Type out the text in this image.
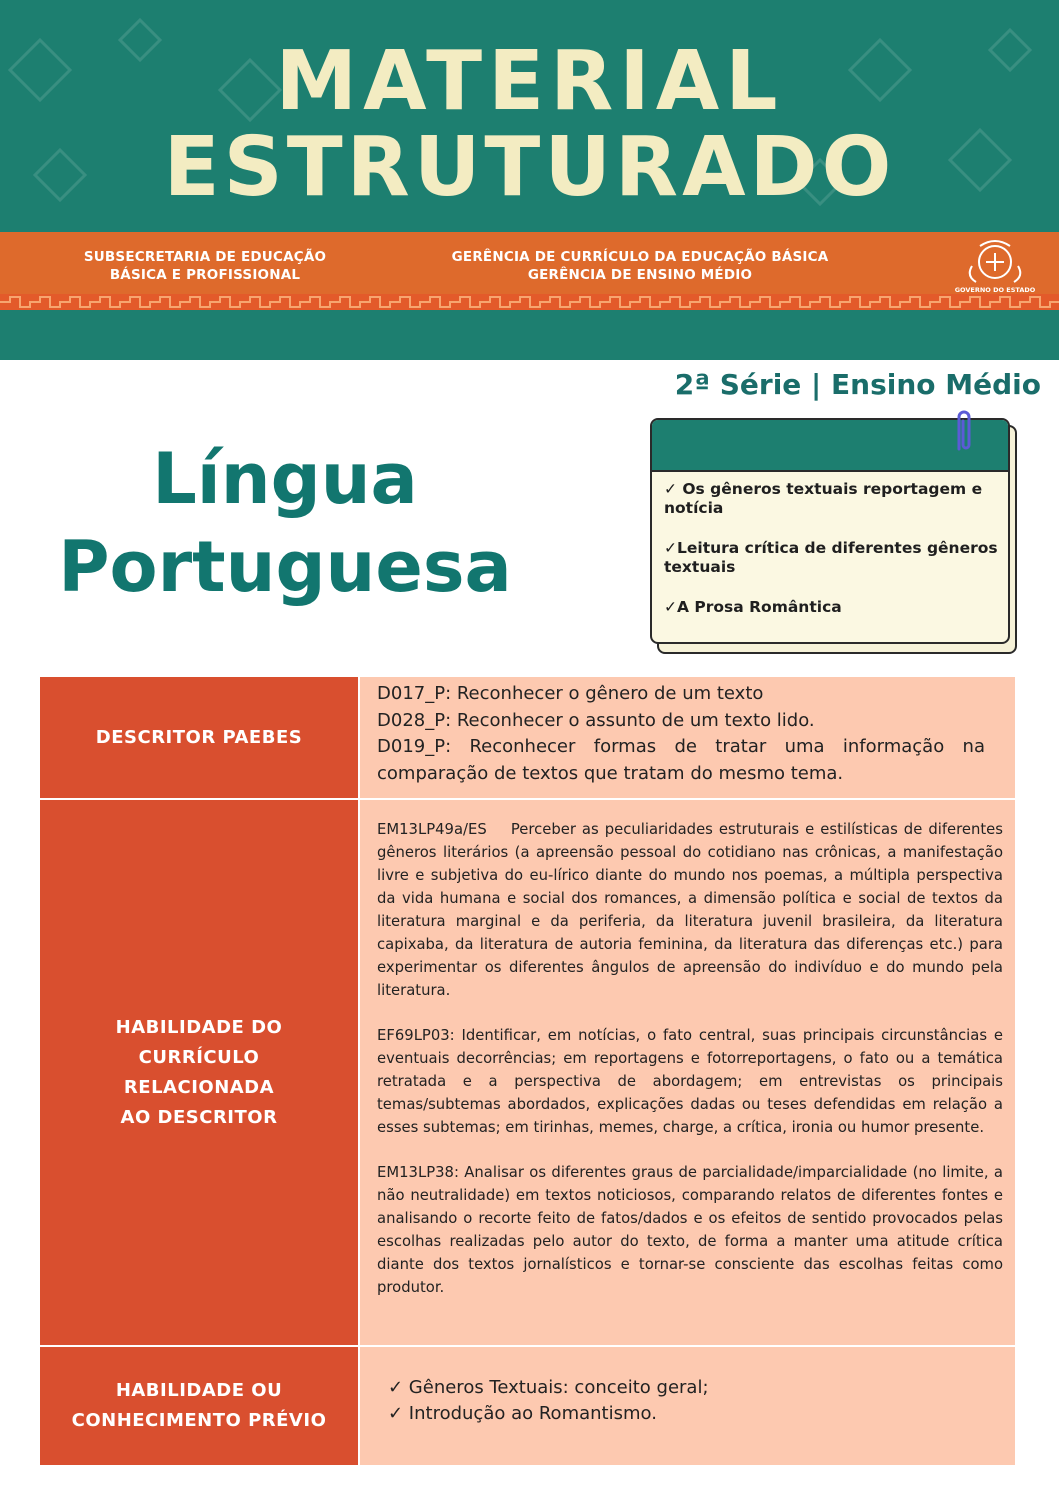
MATERIAL
ESTRUTURADO
SUBSECRETARIA DE EDUCAÇÃO
BÁSICA E PROFISSIONAL
GERÊNCIA DE CURRÍCULO DA EDUCAÇÃO BÁSICA
GERÊNCIA DE ENSINO MÉDIO
GOVERNO DO ESTADO
2ª Série | Ensino Médio
Língua
Portuguesa
✓ Os gêneros textuais reportagem e notícia
✓Leitura crítica de diferentes gêneros textuais
✓A Prosa Romântica
DESCRITOR PAEBES
D017_P: Reconhecer o gênero de um texto
D028_P: Reconhecer o assunto de um texto lido.
D019_P: Reconhecer formas de tratar uma informação na comparação de textos que tratam do mesmo tema.
HABILIDADE DO
CURRÍCULO
RELACIONADA
AO DESCRITOR

EM13LP49a/ES    Perceber as peculiaridades estruturais e estilísticas de diferentes gêneros literários (a apreensão pessoal do cotidiano nas crônicas, a manifestação livre e subjetiva do eu-lírico diante do mundo nos poemas, a múltipla perspectiva da vida humana e social dos romances, a dimensão política e social de textos da literatura marginal e da periferia, da literatura juvenil brasileira, da literatura capixaba, da literatura de autoria feminina, da literatura das diferenças etc.) para experimentar os diferentes ângulos de apreensão do indivíduo e do mundo pela literatura.

EF69LP03: Identificar, em notícias, o fato central, suas principais circunstâncias e eventuais decorrências; em reportagens e fotorreportagens, o fato ou a temática retratada e a perspectiva de abordagem; em entrevistas os principais temas/subtemas abordados, explicações dadas ou teses defendidas em relação a esses subtemas; em tirinhas, memes, charge, a crítica, ironia ou humor presente.

EM13LP38: Analisar os diferentes graus de parcialidade/imparcialidade (no limite, a não neutralidade) em textos noticiosos, comparando relatos de diferentes fontes e analisando o recorte feito de fatos/dados e os efeitos de sentido provocados pelas escolhas realizadas pelo autor do texto, de forma a manter uma atitude crítica diante dos textos jornalísticos e tornar-se consciente das escolhas feitas como produtor.

HABILIDADE OU
CONHECIMENTO PRÉVIO
✓ Gêneros Textuais: conceito geral;
✓ Introdução ao Romantismo.
